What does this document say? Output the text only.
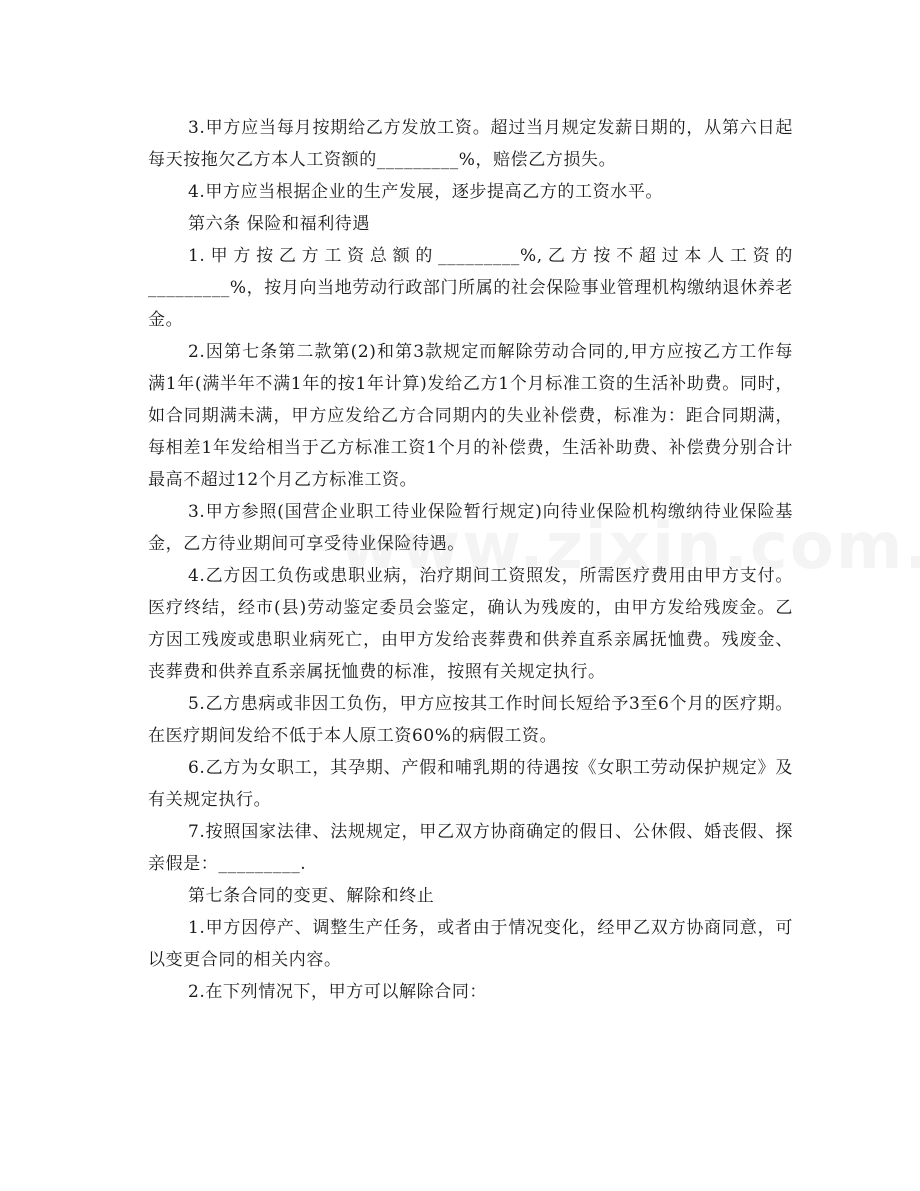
3.甲方应当每月按期给乙方发放工资。超过当月规定发薪日期的，从第六日起每天按拖欠乙方本人工资额的_________%，赔偿乙方损失。

4.甲方应当根据企业的生产发展，逐步提高乙方的工资水平。

第六条 保险和福利待遇

1.甲方按乙方工资总额的_________%,乙方按不超过本人工资的_________%，按月向当地劳动行政部门所属的社会保险事业管理机构缴纳退休养老金。

2.因第七条第二款第(2)和第3款规定而解除劳动合同的,甲方应按乙方工作每满1年(满半年不满1年的按1年计算)发给乙方1个月标准工资的生活补助费。同时，如合同期满未满，甲方应发给乙方合同期内的失业补偿费，标准为：距合同期满，每相差1年发给相当于乙方标准工资1个月的补偿费，生活补助费、补偿费分别合计最高不超过12个月乙方标准工资。

3.甲方参照(国营企业职工待业保险暂行规定)向待业保险机构缴纳待业保险基金，乙方待业期间可享受待业保险待遇。

4.乙方因工负伤或患职业病，治疗期间工资照发，所需医疗费用由甲方支付。医疗终结，经市(县)劳动鉴定委员会鉴定，确认为残废的，由甲方发给残废金。乙方因工残废或患职业病死亡，由甲方发给丧葬费和供养直系亲属抚恤费。残废金、丧葬费和供养直系亲属抚恤费的标准，按照有关规定执行。

5.乙方患病或非因工负伤，甲方应按其工作时间长短给予3至6个月的医疗期。在医疗期间发给不低于本人原工资60%的病假工资。

6.乙方为女职工，其孕期、产假和哺乳期的待遇按《女职工劳动保护规定》及有关规定执行。

7.按照国家法律、法规规定，甲乙双方协商确定的假日、公休假、婚丧假、探亲假是：_________.

第七条合同的变更、解除和终止

1.甲方因停产、调整生产任务，或者由于情况变化，经甲乙双方协商同意，可以变更合同的相关内容。

2.在下列情况下，甲方可以解除合同：
